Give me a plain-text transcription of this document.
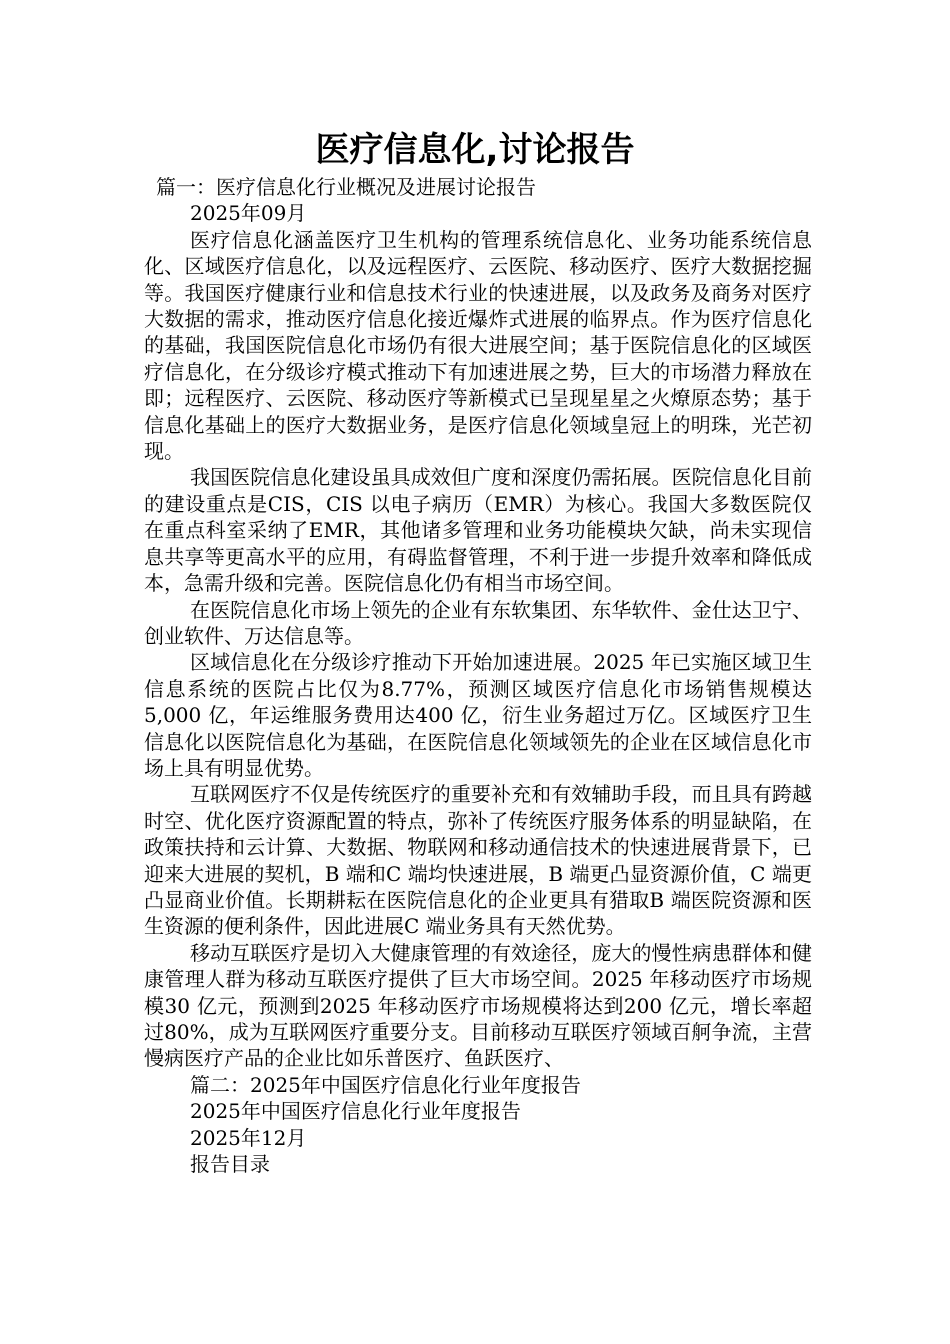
医疗信息化,讨论报告

篇一：医疗信息化行业概况及进展讨论报告

2025年09月

医疗信息化涵盖医疗卫生机构的管理系统信息化、业务功能系统信息化、区域医疗信息化，以及远程医疗、云医院、移动医疗、医疗大数据挖掘等。我国医疗健康行业和信息技术行业的快速进展，以及政务及商务对医疗大数据的需求，推动医疗信息化接近爆炸式进展的临界点。作为医疗信息化的基础，我国医院信息化市场仍有很大进展空间；基于医院信息化的区域医疗信息化，在分级诊疗模式推动下有加速进展之势，巨大的市场潜力释放在即；远程医疗、云医院、移动医疗等新模式已呈现星星之火燎原态势；基于信息化基础上的医疗大数据业务，是医疗信息化领域皇冠上的明珠，光芒初现。

我国医院信息化建设虽具成效但广度和深度仍需拓展。医院信息化目前的建设重点是CIS，CIS 以电子病历（EMR）为核心。我国大多数医院仅在重点科室采纳了EMR，其他诸多管理和业务功能模块欠缺，尚未实现信息共享等更高水平的应用，有碍监督管理，不利于进一步提升效率和降低成本，急需升级和完善。医院信息化仍有相当市场空间。

在医院信息化市场上领先的企业有东软集团、东华软件、金仕达卫宁、创业软件、万达信息等。

区域信息化在分级诊疗推动下开始加速进展。2025 年已实施区域卫生信息系统的医院占比仅为8.77%，预测区域医疗信息化市场销售规模达5,000 亿，年运维服务费用达400 亿，衍生业务超过万亿。区域医疗卫生信息化以医院信息化为基础，在医院信息化领域领先的企业在区域信息化市场上具有明显优势。

互联网医疗不仅是传统医疗的重要补充和有效辅助手段，而且具有跨越时空、优化医疗资源配置的特点，弥补了传统医疗服务体系的明显缺陷，在政策扶持和云计算、大数据、物联网和移动通信技术的快速进展背景下，已迎来大进展的契机，B 端和C 端均快速进展，B 端更凸显资源价值，C 端更凸显商业价值。长期耕耘在医院信息化的企业更具有猎取B 端医院资源和医生资源的便利条件，因此进展C 端业务具有天然优势。

移动互联医疗是切入大健康管理的有效途径，庞大的慢性病患群体和健康管理人群为移动互联医疗提供了巨大市场空间。2025 年移动医疗市场规模30 亿元，预测到2025 年移动医疗市场规模将达到200 亿元，增长率超过80%，成为互联网医疗重要分支。目前移动互联医疗领域百舸争流，主营慢病医疗产品的企业比如乐普医疗、鱼跃医疗、

篇二：2025年中国医疗信息化行业年度报告

2025年中国医疗信息化行业年度报告

2025年12月

报告目录
